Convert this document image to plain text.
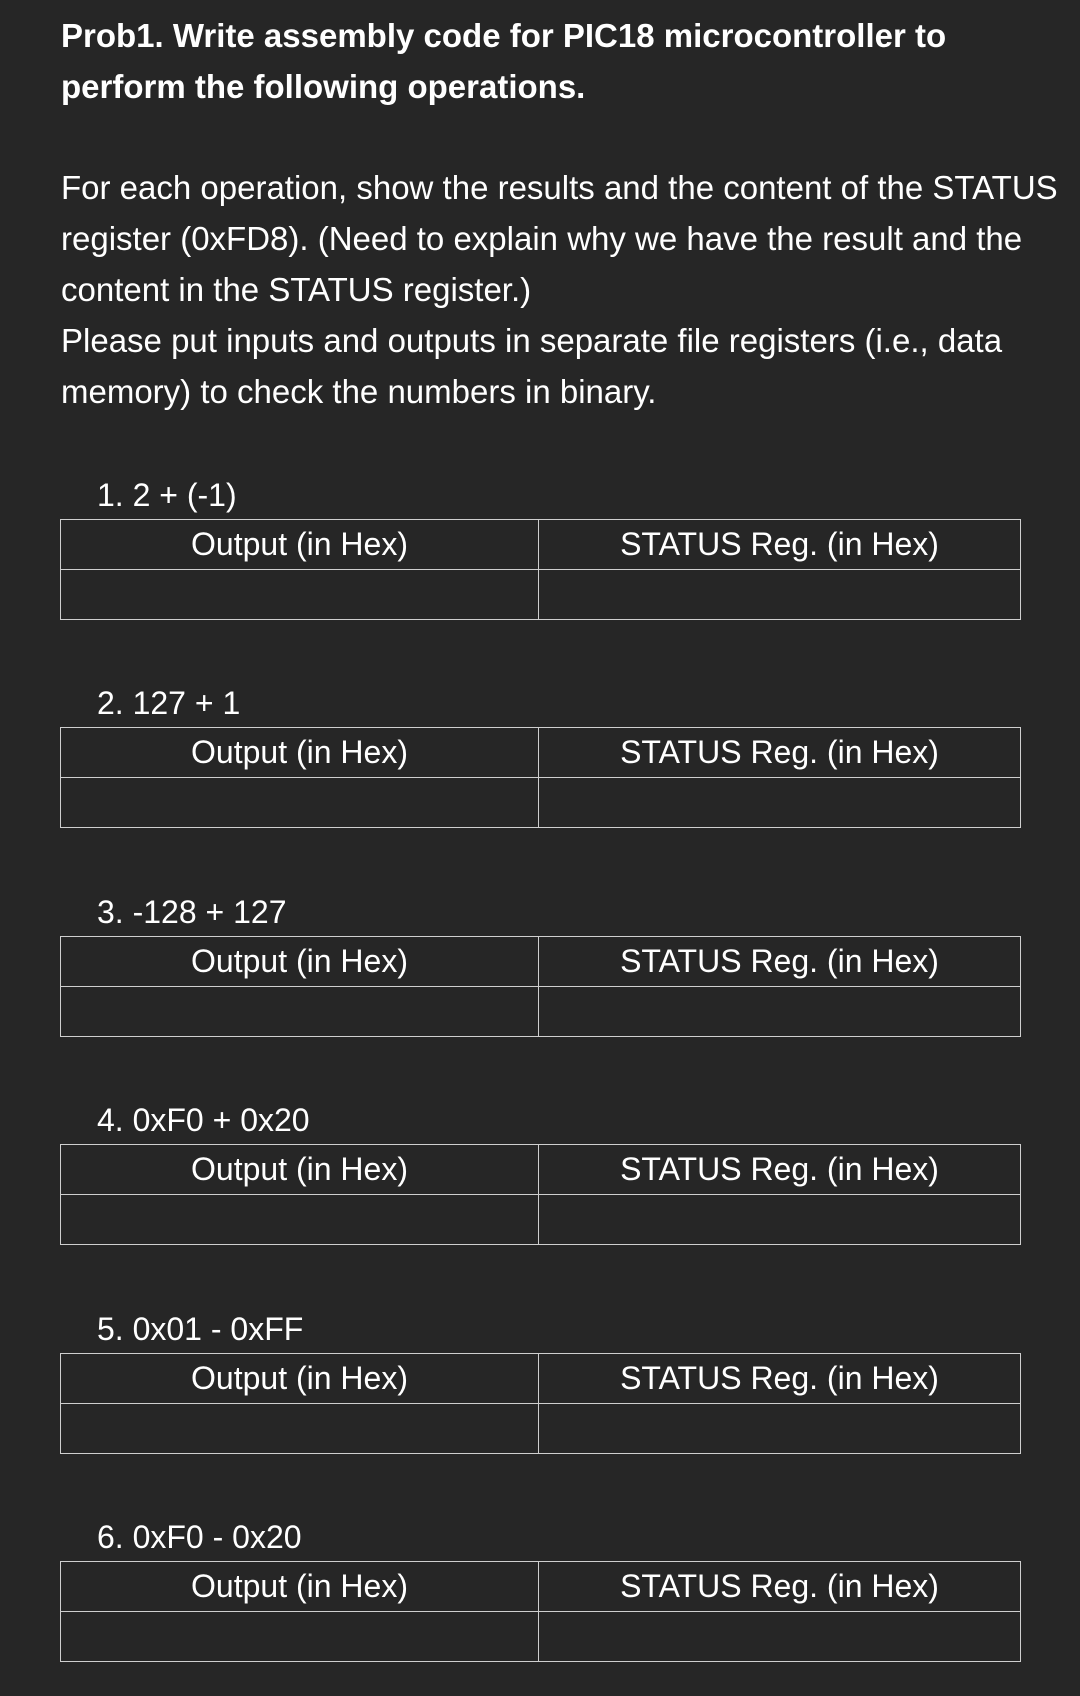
Prob1. Write assembly code for PIC18 microcontroller to perform the following operations.

For each operation, show the results and the content of the STATUS register (0xFD8). (Need to explain why we have the result and the content in the STATUS register.)

Please put inputs and outputs in separate file registers (i.e., data memory) to check the numbers in binary.

1. 2 + (-1)
Output (in Hex)	STATUS Reg. (in Hex)

2. 127 + 1
Output (in Hex)	STATUS Reg. (in Hex)

3. -128 + 127
Output (in Hex)	STATUS Reg. (in Hex)

4. 0xF0 + 0x20
Output (in Hex)	STATUS Reg. (in Hex)

5. 0x01 - 0xFF
Output (in Hex)	STATUS Reg. (in Hex)

6. 0xF0 - 0x20
Output (in Hex)	STATUS Reg. (in Hex)
